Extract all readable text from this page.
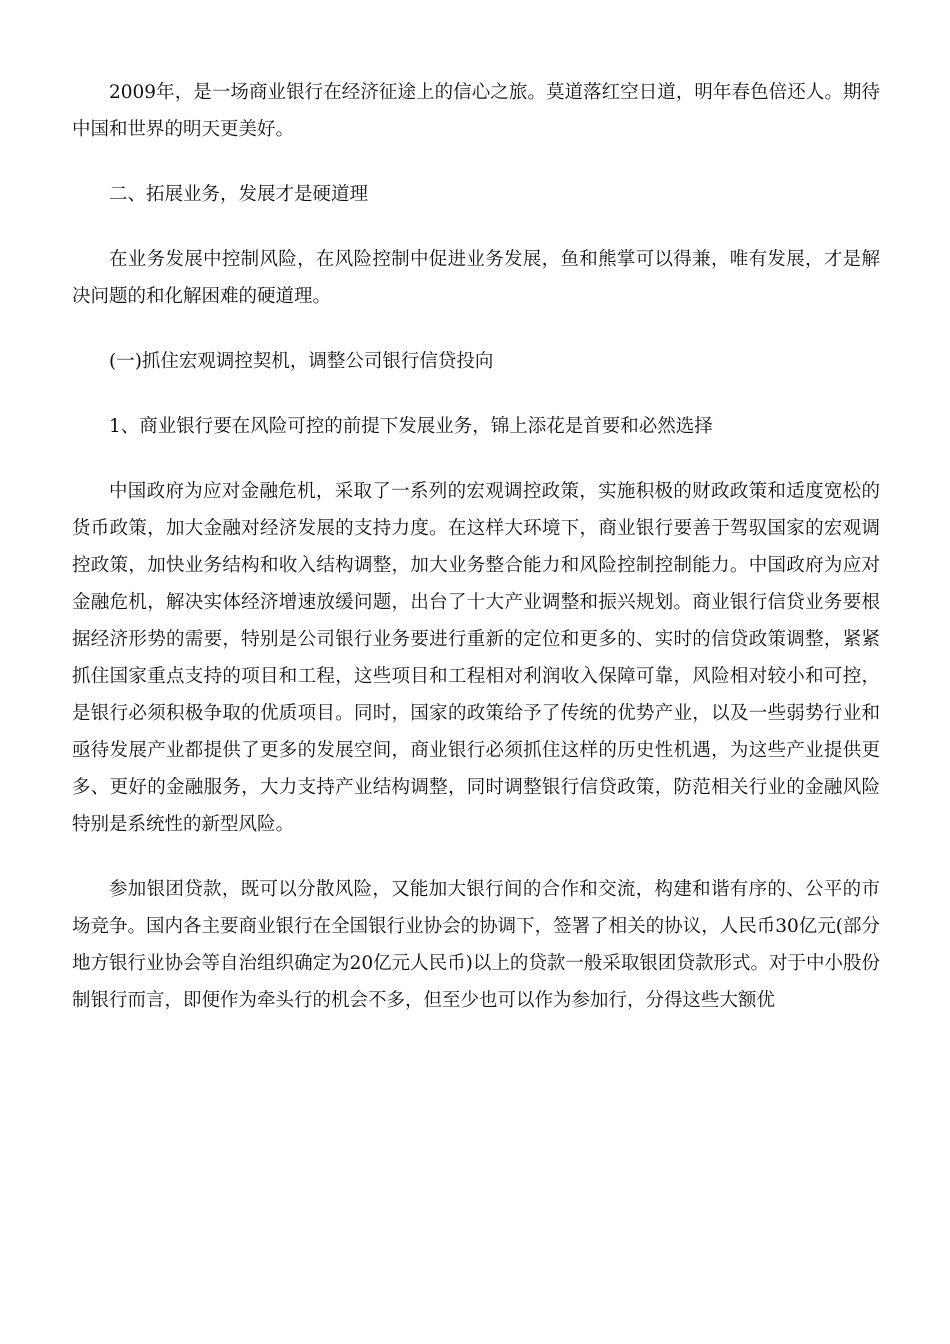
2009年，是一场商业银行在经济征途上的信心之旅。莫道落红空日道，明年春色倍还人。期待中国和世界的明天更美好。

二、拓展业务，发展才是硬道理

在业务发展中控制风险，在风险控制中促进业务发展，鱼和熊掌可以得兼，唯有发展，才是解决问题的和化解困难的硬道理。

(一)抓住宏观调控契机，调整公司银行信贷投向

1、商业银行要在风险可控的前提下发展业务，锦上添花是首要和必然选择

中国政府为应对金融危机，采取了一系列的宏观调控政策，实施积极的财政政策和适度宽松的货币政策，加大金融对经济发展的支持力度。在这样大环境下，商业银行要善于驾驭国家的宏观调控政策，加快业务结构和收入结构调整，加大业务整合能力和风险控制控制能力。中国政府为应对金融危机，解决实体经济增速放缓问题，出台了十大产业调整和振兴规划。商业银行信贷业务要根据经济形势的需要，特别是公司银行业务要进行重新的定位和更多的、实时的信贷政策调整，紧紧抓住国家重点支持的项目和工程，这些项目和工程相对利润收入保障可靠，风险相对较小和可控，是银行必须积极争取的优质项目。同时，国家的政策给予了传统的优势产业，以及一些弱势行业和亟待发展产业都提供了更多的发展空间，商业银行必须抓住这样的历史性机遇，为这些产业提供更多、更好的金融服务，大力支持产业结构调整，同时调整银行信贷政策，防范相关行业的金融风险特别是系统性的新型风险。

参加银团贷款，既可以分散风险，又能加大银行间的合作和交流，构建和谐有序的、公平的市场竞争。国内各主要商业银行在全国银行业协会的协调下，签署了相关的协议，人民币30亿元(部分地方银行业协会等自治组织确定为20亿元人民币)以上的贷款一般采取银团贷款形式。对于中小股份制银行而言，即便作为牵头行的机会不多，但至少也可以作为参加行，分得这些大额优
